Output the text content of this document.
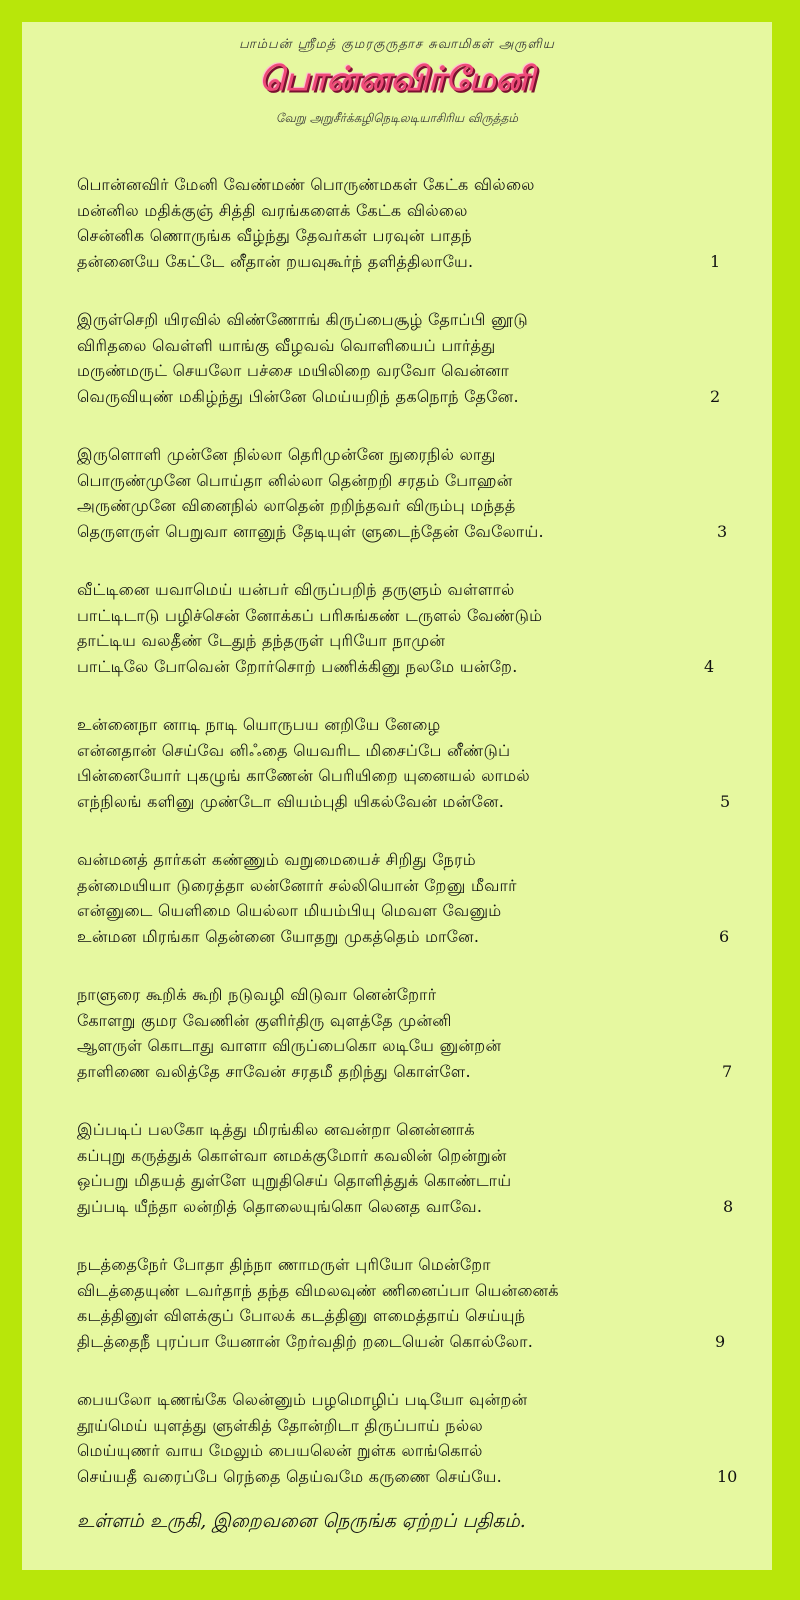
பாம்பன் ஸ்ரீமத் குமரகுருதாச சுவாமிகள் அருளிய
பொன்னவிர்மேனி
வேறு அறுசீர்க்கழிநெடிலடியாசிரிய விருத்தம்
பொன்னவிர் மேனி வேண்மண் பொருண்மகள் கேட்க வில்லை
மன்னில மதிக்குஞ் சித்தி வரங்களைக் கேட்க வில்லை
சென்னிக ணொருங்க வீழ்ந்து தேவர்கள் பரவுன் பாதந்
தன்னையே கேட்டே னீதான் றயவுகூர்ந் தளித்திலாயே.	1
இருள்செறி யிரவில் விண்ணோங் கிருப்பைசூழ் தோப்பி னூடு
விரிதலை வெள்ளி யாங்கு வீழவவ் வொளியைப் பார்த்து
மருண்மருட் செயலோ பச்சை மயிலிறை வரவோ வென்னா
வெருவியுண் மகிழ்ந்து பின்னே மெய்யறிந் தகநொந் தேனே.	2
இருளொளி முன்னே நில்லா தெரிமுன்னே நுரைநில் லாது
பொருண்முனே பொய்தா னில்லா தென்றறி சரதம் போஹன்
அருண்முனே வினைநில் லாதென் றறிந்தவர் விரும்பு மந்தத்
தெருளருள் பெறுவா னானுந் தேடியுள் ளுடைந்தேன் வேலோய்.	3
வீட்டினை யவாமெய் யன்பர் விருப்பறிந் தருளும் வள்ளால்
பாட்டிடாடு பழிச்சென் னோக்கப் பரிசுங்கண் டருளல் வேண்டும்
தாட்டிய வலதீண் டேதுந் தந்தருள் புரியோ நாமுன்
பாட்டிலே போவென் றோர்சொற் பணிக்கினு நலமே யன்றே.	4
உன்னைநா னாடி நாடி யொருபய னறியே னேழை
என்னதான் செய்வே னிஃதை யெவரிட மிசைப்பே னீண்டுப்
பின்னையோர் புகழுங் காணேன் பெரியிறை யுனையல் லாமல்
எந்நிலங் களினு முண்டோ வியம்புதி யிகல்வேன் மன்னே.	5
வன்மனத் தார்கள் கண்ணும் வறுமையைச் சிறிது நேரம்
தன்மையியா டுரைத்தா லன்னோர் சல்லியொன் றேனு மீவார்
என்னுடை யெளிமை யெல்லா மியம்பியு மெவள வேனும்
உன்மன மிரங்கா தென்னை யோதறு முகத்தெம் மானே.	6
நாளுரை கூறிக் கூறி நடுவழி விடுவா னென்றோர்
கோளறு குமர வேணின் குளிர்திரு வுளத்தே முன்னி
ஆளருள் கொடாது வாளா விருப்பைகொ லடியே னுன்றன்
தாளிணை வலித்தே சாவேன் சரதமீ தறிந்து கொள்ளே.	7
இப்படிப் பலகோ டித்து மிரங்கில னவன்றா னென்னாக்
கப்புறு கருத்துக் கொள்வா னமக்குமோர் கவலின் றென்றுன்
ஒப்பறு மிதயத் துள்ளே யுறுதிசெய் தொளித்துக் கொண்டாய்
துப்படி யீந்தா லன்றித் தொலையுங்கொ லெனத வாவே.	8
நடத்தைநேர் போதா திந்நா ணாமருள் புரியோ மென்றோ
விடத்தையுண் டவர்தாந் தந்த விமலவுண் ணினைப்பா யென்னைக்
கடத்தினுள் விளக்குப் போலக் கடத்தினு ளமைத்தாய் செய்யுந்
திடத்தைநீ புரப்பா யேனான் றேர்வதிற் றடையென் கொல்லோ.	9
பையலோ டிணங்கே லென்னும் பழமொழிப் படியோ வுன்றன்
தூய்மெய் யுளத்து ளுள்கித் தோன்றிடா திருப்பாய் நல்ல
மெய்யுணர் வாய மேலும் பையலென் றுள்க லாங்கொல்
செய்யதீ வரைப்பே ரெந்தை தெய்வமே கருணை செய்யே.	10
உள்ளம் உருகி, இறைவனை நெருங்க ஏற்றப் பதிகம்.
